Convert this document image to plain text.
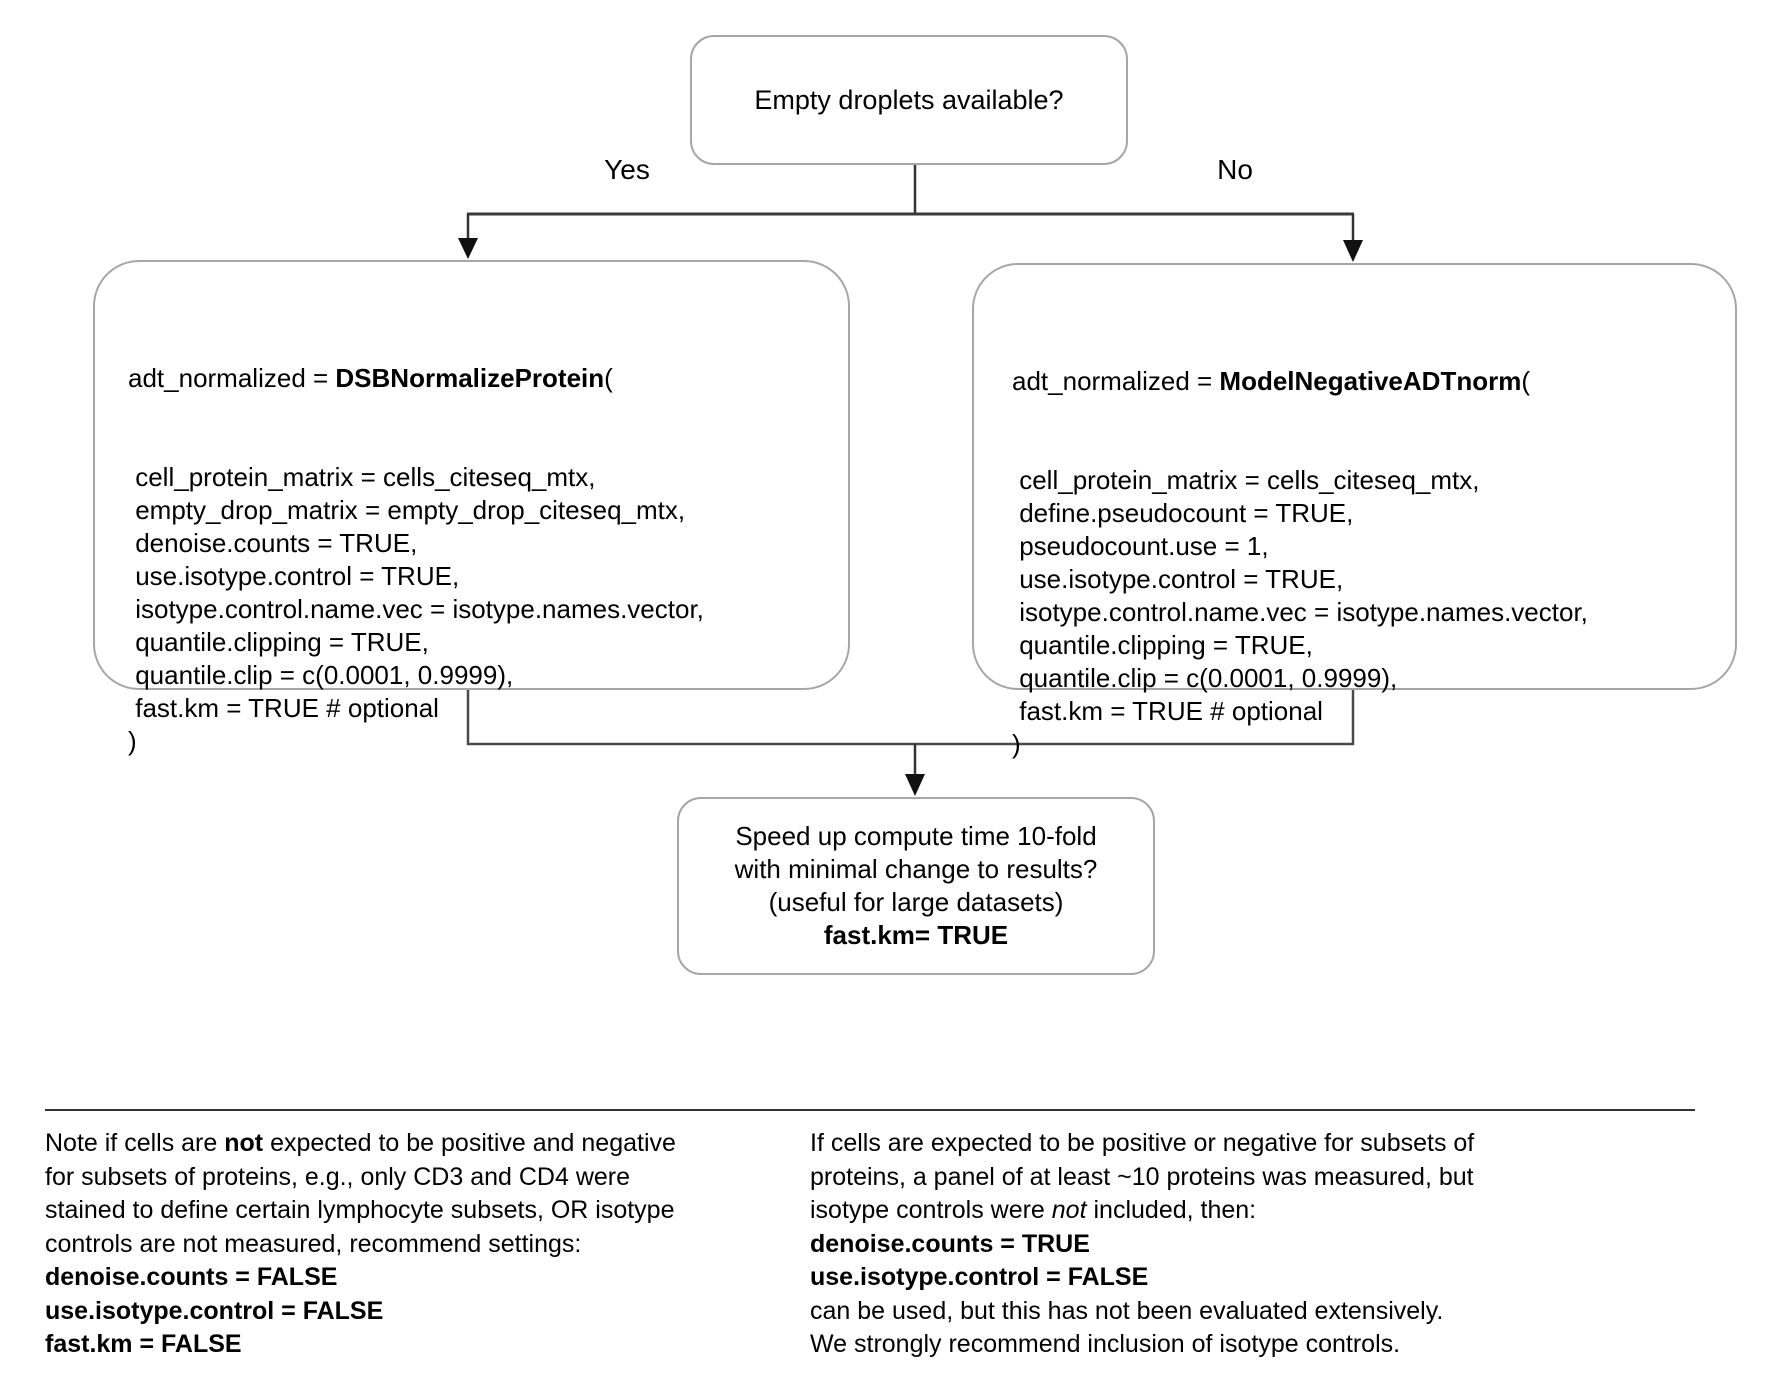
Empty droplets available?
Yes	No

adt_normalized = DSBNormalizeProtein(

cell_protein_matrix = cells_citeseq_mtx,
empty_drop_matrix = empty_drop_citeseq_mtx,
denoise.counts = TRUE,
use.isotype.control = TRUE,
isotype.control.name.vec = isotype.names.vector,
quantile.clipping = TRUE,
quantile.clip = c(0.0001, 0.9999),
fast.km = TRUE # optional
)

adt_normalized = ModelNegativeADTnorm(

cell_protein_matrix = cells_citeseq_mtx,
define.pseudocount = TRUE,
pseudocount.use = 1,
use.isotype.control = TRUE,
isotype.control.name.vec = isotype.names.vector,
quantile.clipping = TRUE,
quantile.clip = c(0.0001, 0.9999),
fast.km = TRUE # optional
)

Speed up compute time 10-fold
with minimal change to results?
(useful for large datasets)
fast.km= TRUE
Note if cells are not expected to be positive and negative
for subsets of proteins, e.g., only CD3 and CD4 were
stained to define certain lymphocyte subsets, OR isotype
controls are not measured, recommend settings:
denoise.counts = FALSE
use.isotype.control = FALSE
fast.km = FALSE
If cells are expected to be positive or negative for subsets of
proteins, a panel of at least ~10 proteins was measured, but
isotype controls were not included, then:
denoise.counts = TRUE
use.isotype.control = FALSE
can be used, but this has not been evaluated extensively.
We strongly recommend inclusion of isotype controls.
